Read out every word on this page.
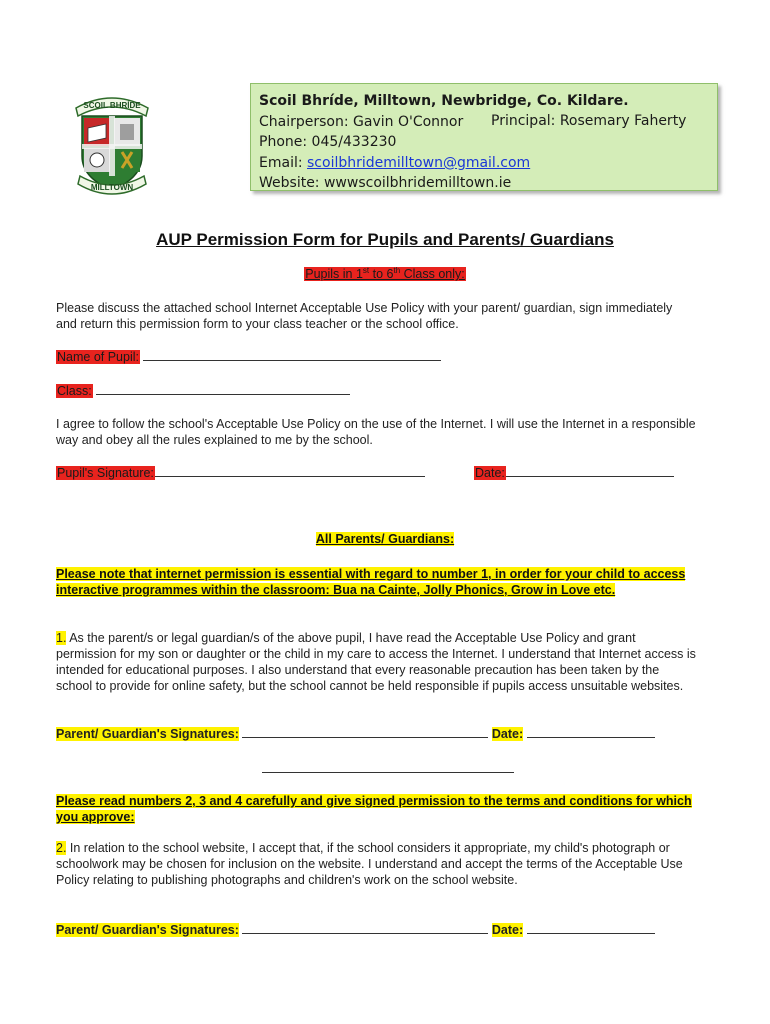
SCOIL BHRÍDE
MILLTOWN
Scoil Bhríde, Milltown, Newbridge, Co. Kildare.
Chairperson: Gavin O'Connor	Principal: Rosemary Faherty
Phone: 045/433230
Email: scoilbhridemilltown@gmail.com
Website: wwwscoilbhridemilltown.ie
AUP Permission Form for Pupils and Parents/ Guardians
Pupils in 1st to 6th Class only:
Please discuss the attached school Internet Acceptable Use Policy with your parent/ guardian, sign immediately and return this permission form to your class teacher or the school office.
Name of Pupil:
Class:
I agree to follow the school's Acceptable Use Policy on the use of the Internet. I will use the Internet in a responsible way and obey all the rules explained to me by the school.
Pupil's Signature:	Date:
All Parents/ Guardians:
Please note that internet permission is essential with regard to number 1, in order for your child to access interactive programmes within the classroom: Bua na Cainte, Jolly Phonics, Grow in Love etc.
1. As the parent/s or legal guardian/s of the above pupil, I have read the Acceptable Use Policy and grant permission for my son or daughter or the child in my care to access the Internet. I understand that Internet access is intended for educational purposes. I also understand that every reasonable precaution has been taken by the school to provide for online safety, but the school cannot be held responsible if pupils access unsuitable websites.
Parent/ Guardian's Signatures:	Date:
Please read numbers 2, 3 and 4 carefully and give signed permission to the terms and conditions for which you approve:
2. In relation to the school website, I accept that, if the school considers it appropriate, my child's photograph or schoolwork may be chosen for inclusion on the website. I understand and accept the terms of the Acceptable Use Policy relating to publishing photographs and children's work on the school website.
Parent/ Guardian's Signatures:	Date:
